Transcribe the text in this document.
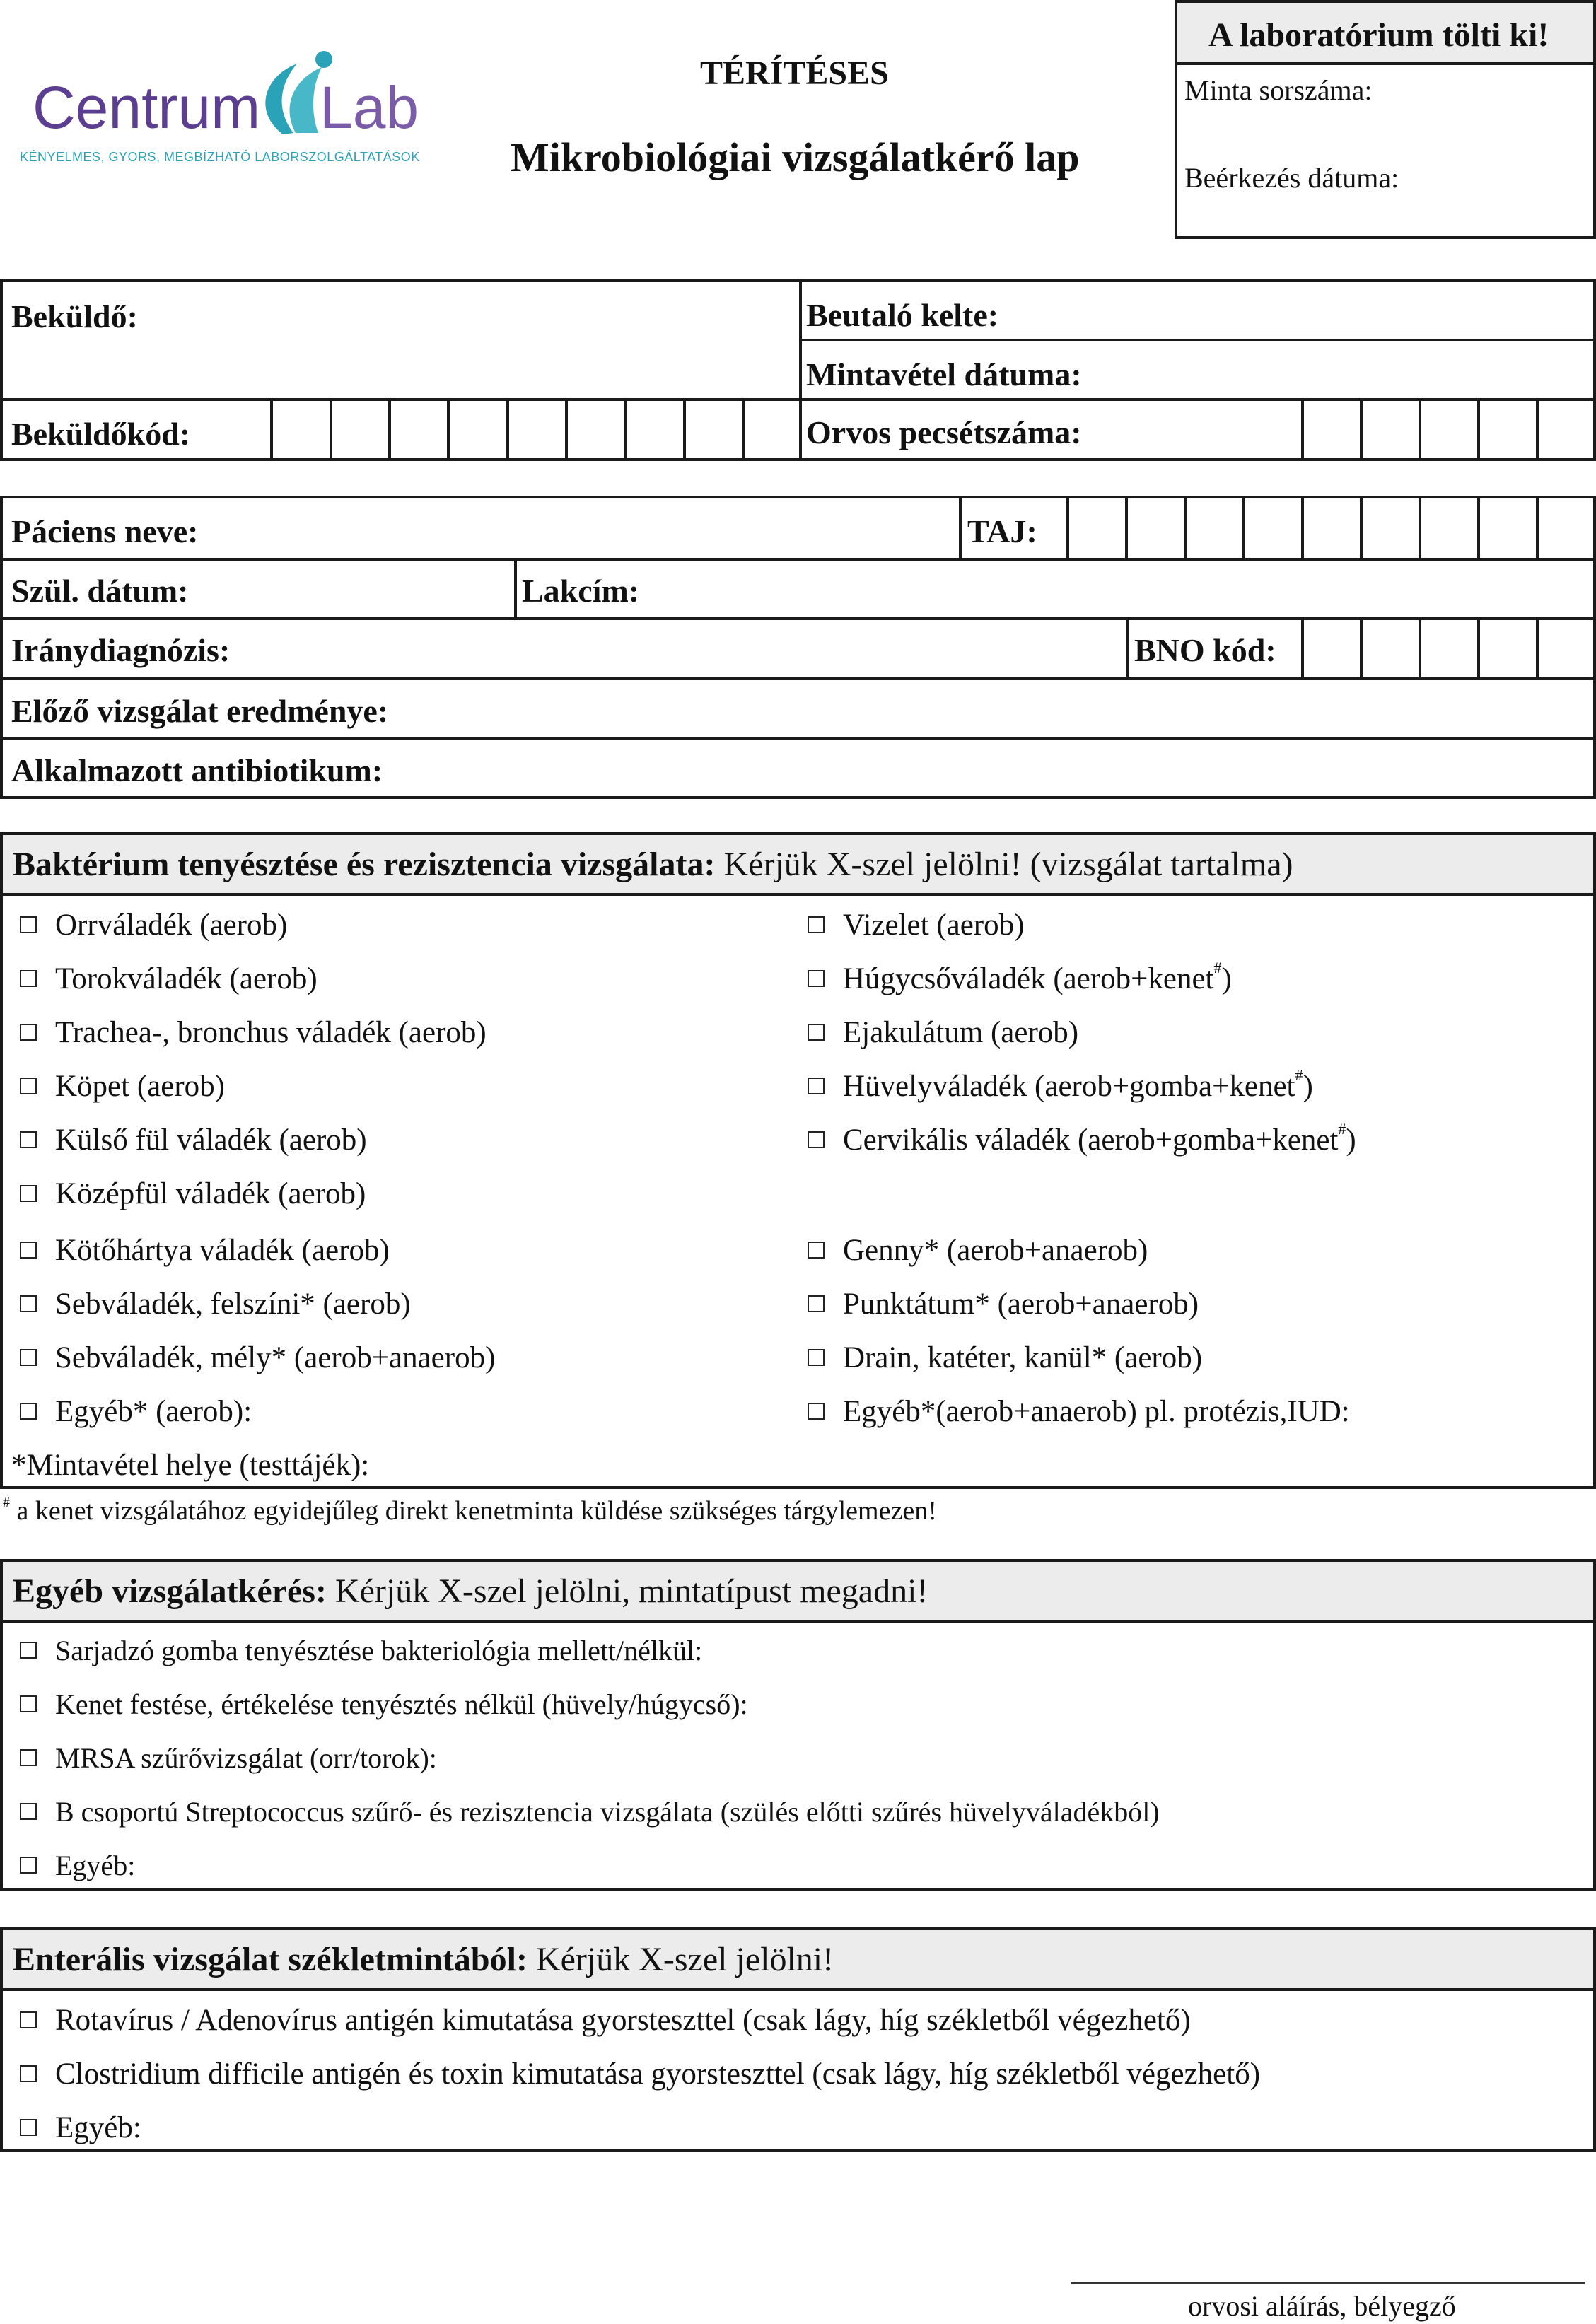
Centrum Lab
KÉNYELMES, GYORS, MEGBÍZHATÓ LABORSZOLGÁLTATÁSOK
TÉRÍTÉSES
Mikrobiológiai vizsgálatkérő lap
A laboratórium tölti ki!
Minta sorszáma:
Beérkezés dátuma:
Beküldő:	Beutaló kelte:
Mintavétel dátuma:
Beküldőkód:	Orvos pecsétszáma:
Páciens neve:	TAJ:
Szül. dátum:	Lakcím:
Iránydiagnózis:	BNO kód:
Előző vizsgálat eredménye:
Alkalmazott antibiotikum:
Baktérium tenyésztése és rezisztencia vizsgálata: Kérjük X-szel jelölni! (vizsgálat tartalma)
Orrváladék (aerob)
Torokváladék (aerob)
Trachea-, bronchus váladék (aerob)
Köpet (aerob)
Külső fül váladék (aerob)
Középfül váladék (aerob)
Kötőhártya váladék (aerob)
Sebváladék, felszíni* (aerob)
Sebváladék, mély* (aerob+anaerob)
Egyéb* (aerob):
Vizelet (aerob)
Húgycsőváladék (aerob+kenet#)
Ejakulátum (aerob)
Hüvelyváladék (aerob+gomba+kenet#)
Cervikális váladék (aerob+gomba+kenet#)
Genny* (aerob+anaerob)
Punktátum* (aerob+anaerob)
Drain, katéter, kanül* (aerob)
Egyéb*(aerob+anaerob) pl. protézis,IUD:
*Mintavétel helye (testtájék):
# a kenet vizsgálatához egyidejűleg direkt kenetminta küldése szükséges tárgylemezen!
Egyéb vizsgálatkérés: Kérjük X-szel jelölni, mintatípust megadni!
Sarjadzó gomba tenyésztése bakteriológia mellett/nélkül:
Kenet festése, értékelése tenyésztés nélkül (hüvely/húgycső):
MRSA szűrővizsgálat (orr/torok):
B csoportú Streptococcus szűrő- és rezisztencia vizsgálata (szülés előtti szűrés hüvelyváladékból)
Egyéb:
Enterális vizsgálat székletmintából: Kérjük X-szel jelölni!
Rotavírus / Adenovírus antigén kimutatása gyorsteszttel (csak lágy, híg székletből végezhető)
Clostridium difficile antigén és toxin kimutatása gyorsteszttel (csak lágy, híg székletből végezhető)
Egyéb:
orvosi aláírás, bélyegző
